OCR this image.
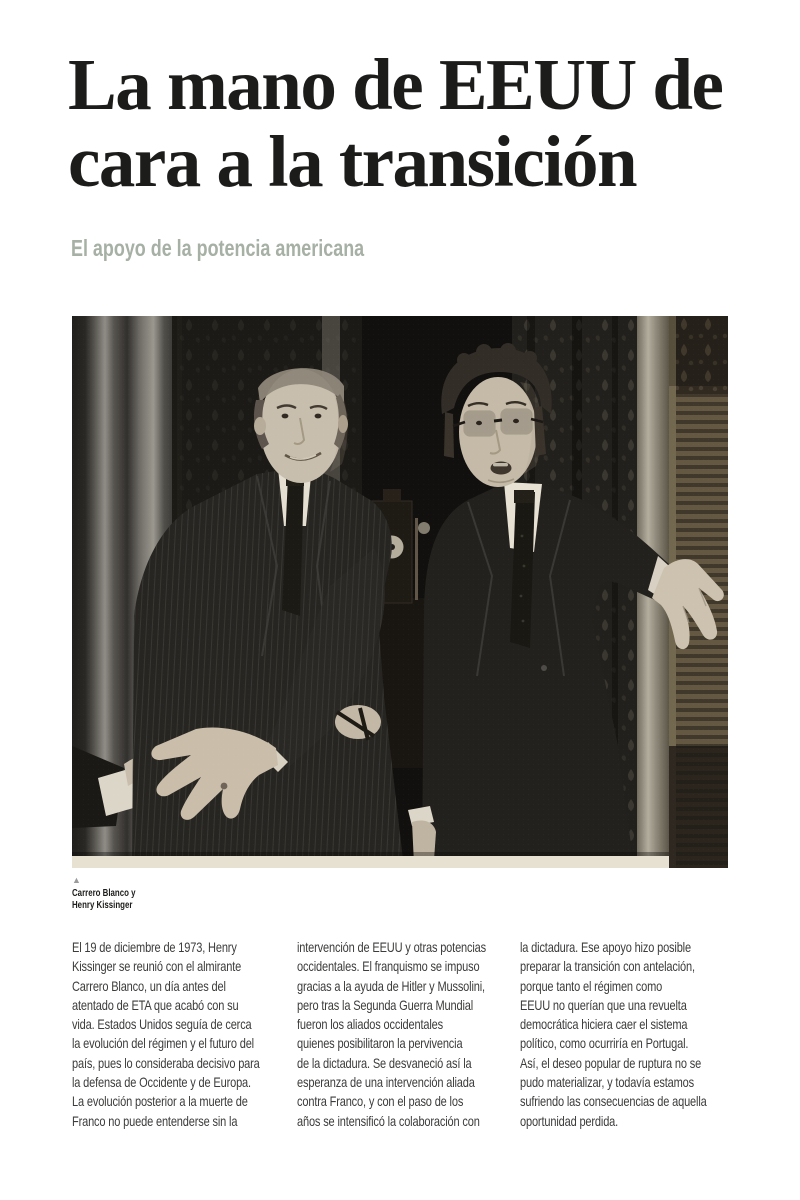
La mano de EEUU de
cara a la transición
El apoyo de la potencia americana
▲
Carrero Blanco y
Henry Kissinger
El 19 de diciembre de 1973, Henry
Kissinger se reunió con el almirante
Carrero Blanco, un día antes del
atentado de ETA que acabó con su
vida. Estados Unidos seguía de cerca
la evolución del régimen y el futuro del
país, pues lo consideraba decisivo para
la defensa de Occidente y de Europa.
La evolución posterior a la muerte de
Franco no puede entenderse sin la
intervención de EEUU y otras potencias
occidentales. El franquismo se impuso
gracias a la ayuda de Hitler y Mussolini,
pero tras la Segunda Guerra Mundial
fueron los aliados occidentales
quienes posibilitaron la pervivencia
de la dictadura. Se desvaneció así la
esperanza de una intervención aliada
contra Franco, y con el paso de los
años se intensificó la colaboración con
la dictadura. Ese apoyo hizo posible
preparar la transición con antelación,
porque tanto el régimen como
EEUU no querían que una revuelta
democrática hiciera caer el sistema
político, como ocurriría en Portugal.
Así, el deseo popular de ruptura no se
pudo materializar, y todavía estamos
sufriendo las consecuencias de aquella
oportunidad perdida.
